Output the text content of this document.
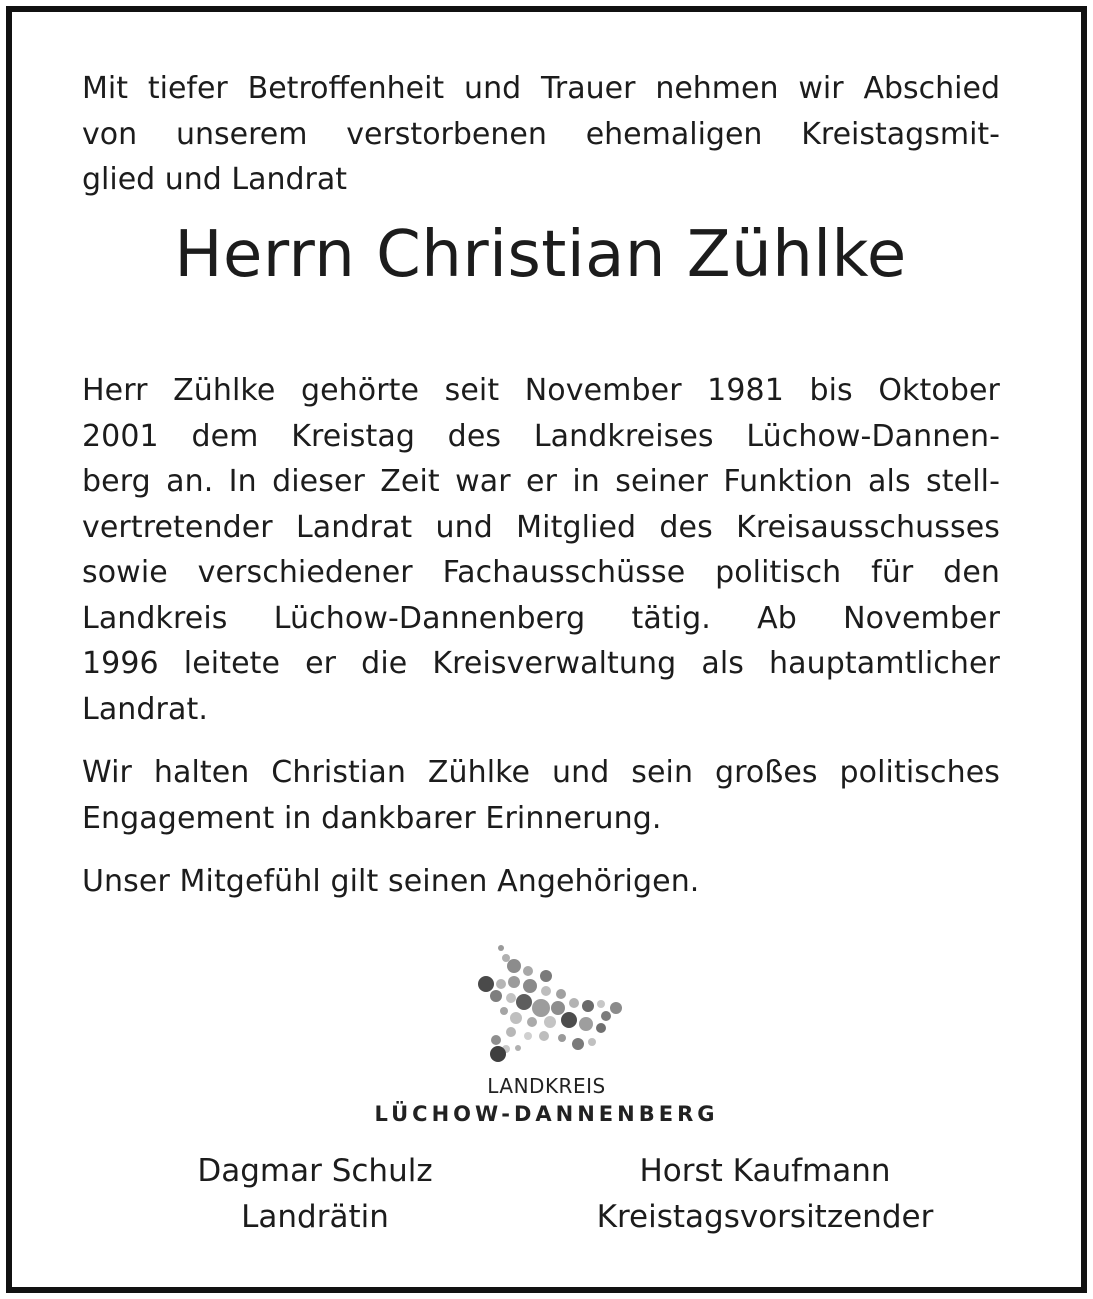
Mit tiefer Betroffenheit und Trauer nehmen wir Abschied
von unserem verstorbenen ehemaligen Kreistagsmit-
glied und Landrat

Herrn Christian Zühlke

Herr Zühlke gehörte seit November 1981 bis Oktober
2001 dem Kreistag des Landkreises Lüchow-Dannen-
berg an. In dieser Zeit war er in seiner Funktion als stell-
vertretender Landrat und Mitglied des Kreisausschusses
sowie verschiedener Fachausschüsse politisch für den
Landkreis Lüchow-Dannenberg tätig. Ab November
1996 leitete er die Kreisverwaltung als hauptamtlicher
Landrat.

Wir halten Christian Zühlke und sein großes politisches
Engagement in dankbarer Erinnerung.

Unser Mitgefühl gilt seinen Angehörigen.

LANDKREIS
LÜCHOW-DANNENBERG
Dagmar Schulz
Landrätin
Horst Kaufmann
Kreistagsvorsitzender
